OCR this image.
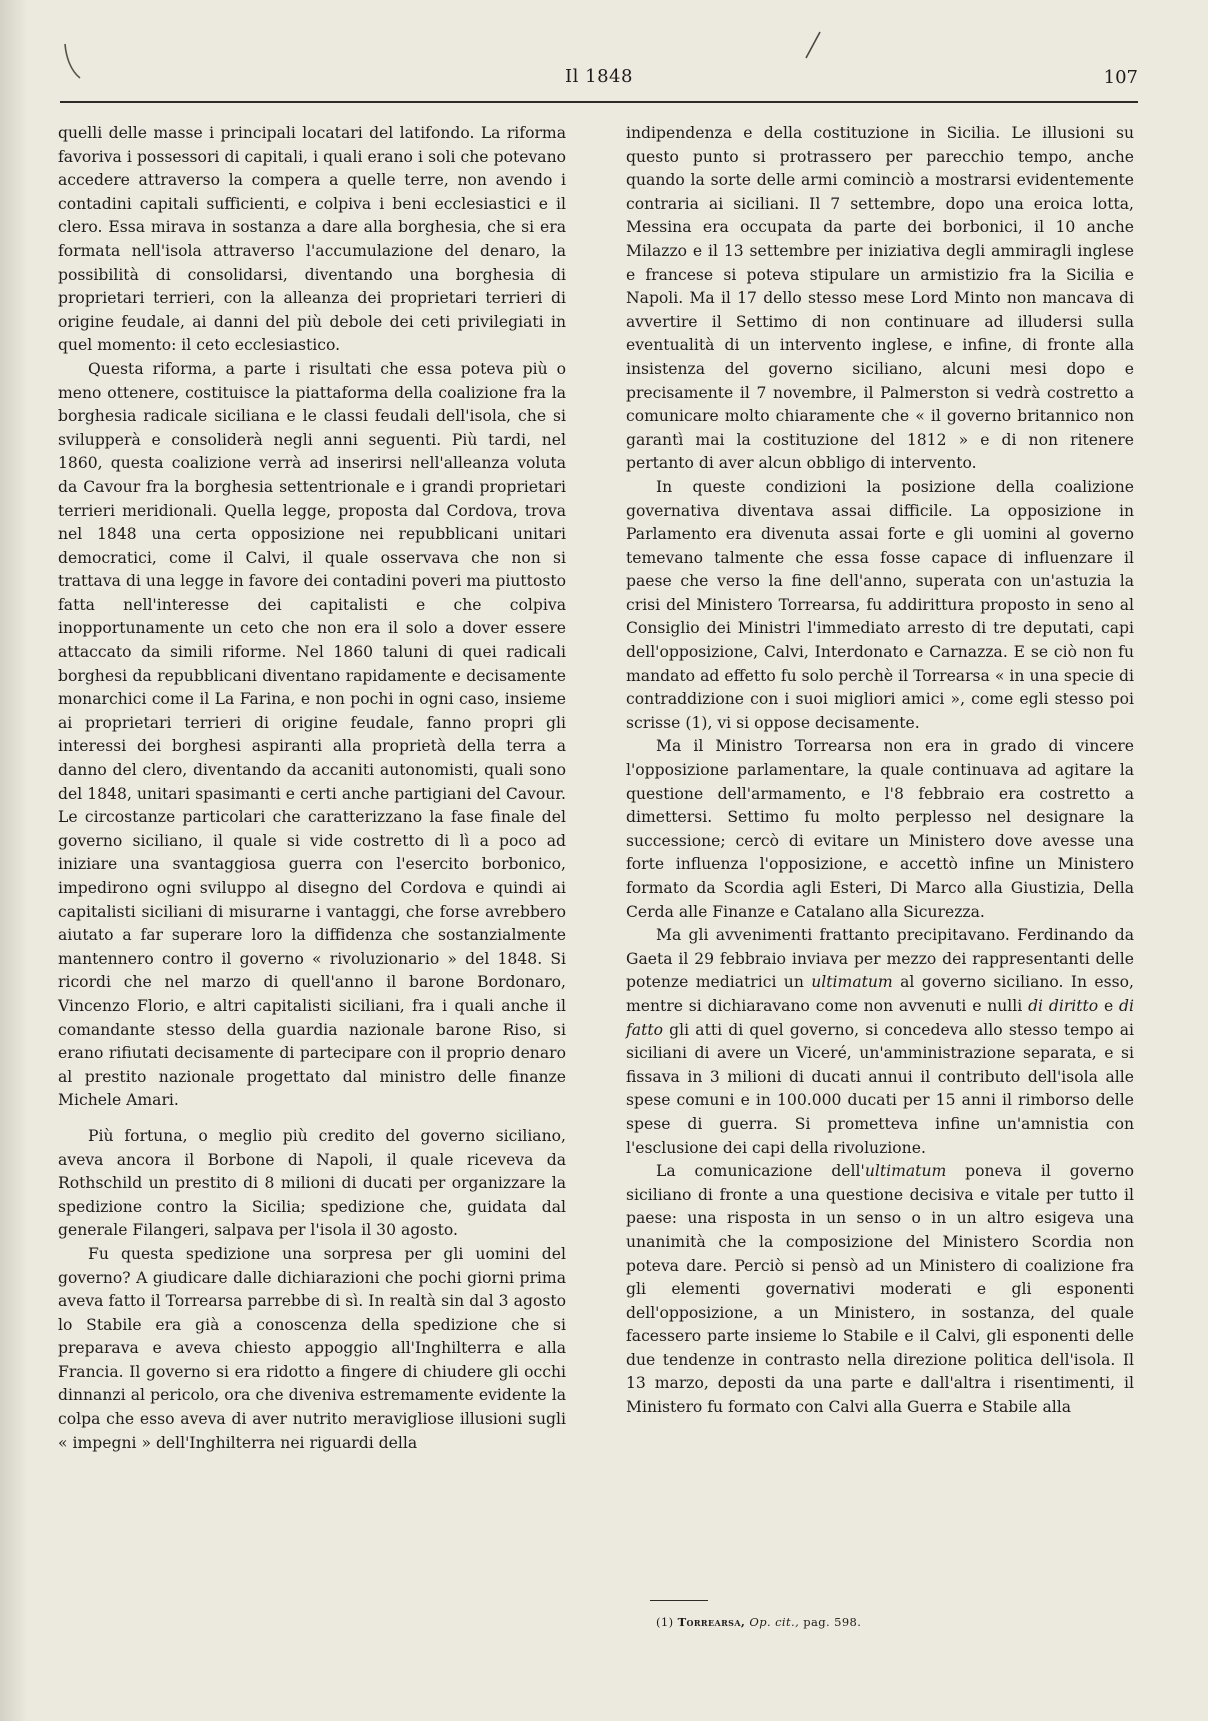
Il 1848	107

quelli delle masse i principali locatari del latifondo. La riforma favoriva i possessori di capitali, i quali erano i soli che potevano accedere attraverso la compera a quelle terre, non avendo i contadini capitali sufficienti, e colpiva i beni ecclesiastici e il clero. Essa mirava in sostanza a dare alla borghesia, che si era formata nell'isola attraverso l'accumulazione del denaro, la possibilità di consolidarsi, diventando una borghesia di proprietari terrieri, con la alleanza dei proprietari terrieri di origine feudale, ai danni del più debole dei ceti privilegiati in quel momento: il ceto ecclesiastico.

Questa riforma, a parte i risultati che essa poteva più o meno ottenere, costituisce la piattaforma della coalizione fra la borghesia radicale siciliana e le classi feudali dell'isola, che si svilupperà e consoliderà negli anni seguenti. Più tardi, nel 1860, questa coalizione verrà ad inserirsi nell'alleanza voluta da Cavour fra la borghesia settentrionale e i grandi proprietari terrieri meridionali. Quella legge, proposta dal Cordova, trova nel 1848 una certa opposizione nei repubblicani unitari democratici, come il Calvi, il quale osservava che non si trattava di una legge in favore dei contadini poveri ma piuttosto fatta nell'interesse dei capitalisti e che colpiva inopportunamente un ceto che non era il solo a dover essere attaccato da simili riforme. Nel 1860 taluni di quei radicali borghesi da repubblicani diventano rapidamente e decisamente monarchici come il La Farina, e non pochi in ogni caso, insieme ai proprietari terrieri di origine feudale, fanno propri gli interessi dei borghesi aspiranti alla proprietà della terra a danno del clero, diventando da accaniti autonomisti, quali sono del 1848, unitari spasimanti e certi anche partigiani del Cavour. Le circostanze particolari che caratterizzano la fase finale del governo siciliano, il quale si vide costretto di lì a poco ad iniziare una svantaggiosa guerra con l'esercito borbonico, impedirono ogni sviluppo al disegno del Cordova e quindi ai capitalisti siciliani di misurarne i vantaggi, che forse avrebbero aiutato a far superare loro la diffidenza che sostanzialmente mantennero contro il governo « rivoluzionario » del 1848. Si ricordi che nel marzo di quell'anno il barone Bordonaro, Vincenzo Florio, e altri capitalisti siciliani, fra i quali anche il comandante stesso della guardia nazionale barone Riso, si erano rifiutati decisamente di partecipare con il proprio denaro al prestito nazionale progettato dal ministro delle finanze Michele Amari.

Più fortuna, o meglio più credito del governo siciliano, aveva ancora il Borbone di Napoli, il quale riceveva da Rothschild un prestito di 8 milioni di ducati per organizzare la spedizione contro la Sicilia; spedizione che, guidata dal generale Filangeri, salpava per l'isola il 30 agosto.

Fu questa spedizione una sorpresa per gli uomini del governo? A giudicare dalle dichiarazioni che pochi giorni prima aveva fatto il Torrearsa parrebbe di sì. In realtà sin dal 3 agosto lo Stabile era già a conoscenza della spedizione che si preparava e aveva chiesto appoggio all'Inghilterra e alla Francia. Il governo si era ridotto a fingere di chiudere gli occhi dinnanzi al pericolo, ora che diveniva estremamente evidente la colpa che esso aveva di aver nutrito meravigliose illusioni sugli « impegni » dell'Inghilterra nei riguardi della

indipendenza e della costituzione in Sicilia. Le illusioni su questo punto si protrassero per parecchio tempo, anche quando la sorte delle armi cominciò a mostrarsi evidentemente contraria ai siciliani. Il 7 settembre, dopo una eroica lotta, Messina era occupata da parte dei borbonici, il 10 anche Milazzo e il 13 settembre per iniziativa degli ammiragli inglese e francese si poteva stipulare un armistizio fra la Sicilia e Napoli. Ma il 17 dello stesso mese Lord Minto non mancava di avvertire il Settimo di non continuare ad illudersi sulla eventualità di un intervento inglese, e infine, di fronte alla insistenza del governo siciliano, alcuni mesi dopo e precisamente il 7 novembre, il Palmerston si vedrà costretto a comunicare molto chiaramente che « il governo britannico non garantì mai la costituzione del 1812 » e di non ritenere pertanto di aver alcun obbligo di intervento.

In queste condizioni la posizione della coalizione governativa diventava assai difficile. La opposizione in Parlamento era divenuta assai forte e gli uomini al governo temevano talmente che essa fosse capace di influenzare il paese che verso la fine dell'anno, superata con un'astuzia la crisi del Ministero Torrearsa, fu addirittura proposto in seno al Consiglio dei Ministri l'immediato arresto di tre deputati, capi dell'opposizione, Calvi, Interdonato e Carnazza. E se ciò non fu mandato ad effetto fu solo perchè il Torrearsa « in una specie di contraddizione con i suoi migliori amici », come egli stesso poi scrisse (1), vi si oppose decisamente.

Ma il Ministro Torrearsa non era in grado di vincere l'opposizione parlamentare, la quale continuava ad agitare la questione dell'armamento, e l'8 febbraio era costretto a dimettersi. Settimo fu molto perplesso nel designare la successione; cercò di evitare un Ministero dove avesse una forte influenza l'opposizione, e accettò infine un Ministero formato da Scordia agli Esteri, Di Marco alla Giustizia, Della Cerda alle Finanze e Catalano alla Sicurezza.

Ma gli avvenimenti frattanto precipitavano. Ferdinando da Gaeta il 29 febbraio inviava per mezzo dei rappresentanti delle potenze mediatrici un ultimatum al governo siciliano. In esso, mentre si dichiaravano come non avvenuti e nulli di diritto e di fatto gli atti di quel governo, si concedeva allo stesso tempo ai siciliani di avere un Viceré, un'amministrazione separata, e si fissava in 3 milioni di ducati annui il contributo dell'isola alle spese comuni e in 100.000 ducati per 15 anni il rimborso delle spese di guerra. Si prometteva infine un'amnistia con l'esclusione dei capi della rivoluzione.

La comunicazione dell'ultimatum poneva il governo siciliano di fronte a una questione decisiva e vitale per tutto il paese: una risposta in un senso o in un altro esigeva una unanimità che la composizione del Ministero Scordia non poteva dare. Perciò si pensò ad un Ministero di coalizione fra gli elementi governativi moderati e gli esponenti dell'opposizione, a un Ministero, in sostanza, del quale facessero parte insieme lo Stabile e il Calvi, gli esponenti delle due tendenze in contrasto nella direzione politica dell'isola. Il 13 marzo, deposti da una parte e dall'altra i risentimenti, il Ministero fu formato con Calvi alla Guerra e Stabile alla

(1) Torrearsa, Op. cit., pag. 598.
